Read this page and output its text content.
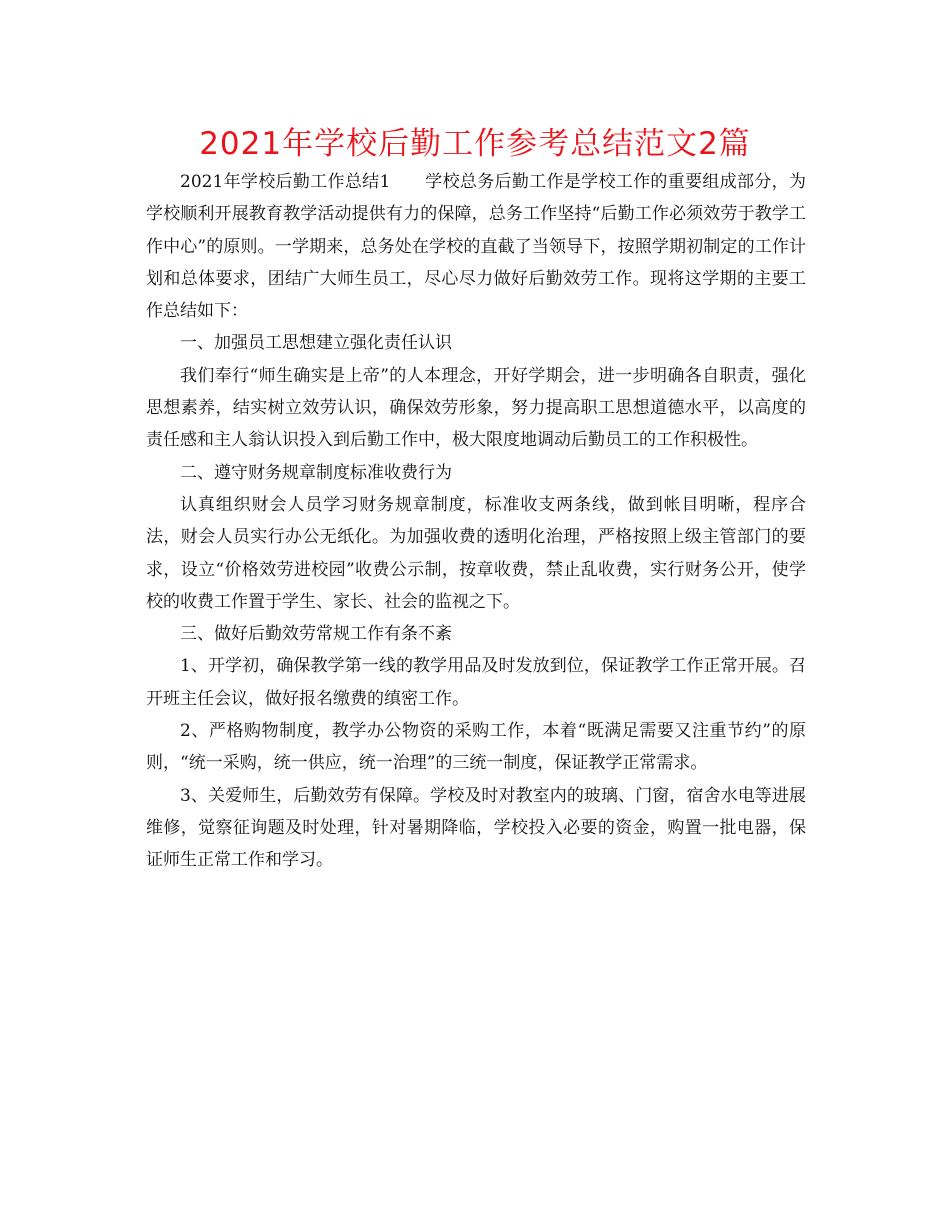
2021年学校后勤工作参考总结范文2篇

2021年学校后勤工作总结1　　学校总务后勤工作是学校工作的重要组成部分，为学校顺利开展教育教学活动提供有力的保障，总务工作坚持“后勤工作必须效劳于教学工作中心”的原则。一学期来，总务处在学校的直截了当领导下，按照学期初制定的工作计划和总体要求，团结广大师生员工，尽心尽力做好后勤效劳工作。现将这学期的主要工作总结如下：

一、加强员工思想建立强化责任认识

我们奉行“师生确实是上帝”的人本理念，开好学期会，进一步明确各自职责，强化思想素养，结实树立效劳认识，确保效劳形象，努力提高职工思想道德水平，以高度的责任感和主人翁认识投入到后勤工作中，极大限度地调动后勤员工的工作积极性。

二、遵守财务规章制度标准收费行为

认真组织财会人员学习财务规章制度，标准收支两条线，做到帐目明晰，程序合法，财会人员实行办公无纸化。为加强收费的透明化治理，严格按照上级主管部门的要求，设立“价格效劳进校园”收费公示制，按章收费，禁止乱收费，实行财务公开，使学校的收费工作置于学生、家长、社会的监视之下。

三、做好后勤效劳常规工作有条不紊

1、开学初，确保教学第一线的教学用品及时发放到位，保证教学工作正常开展。召开班主任会议，做好报名缴费的缜密工作。

2、严格购物制度，教学办公物资的采购工作，本着“既满足需要又注重节约”的原则，“统一采购，统一供应，统一治理”的三统一制度，保证教学正常需求。

3、关爱师生，后勤效劳有保障。学校及时对教室内的玻璃、门窗，宿舍水电等进展维修，觉察征询题及时处理，针对暑期降临，学校投入必要的资金，购置一批电器，保证师生正常工作和学习。
